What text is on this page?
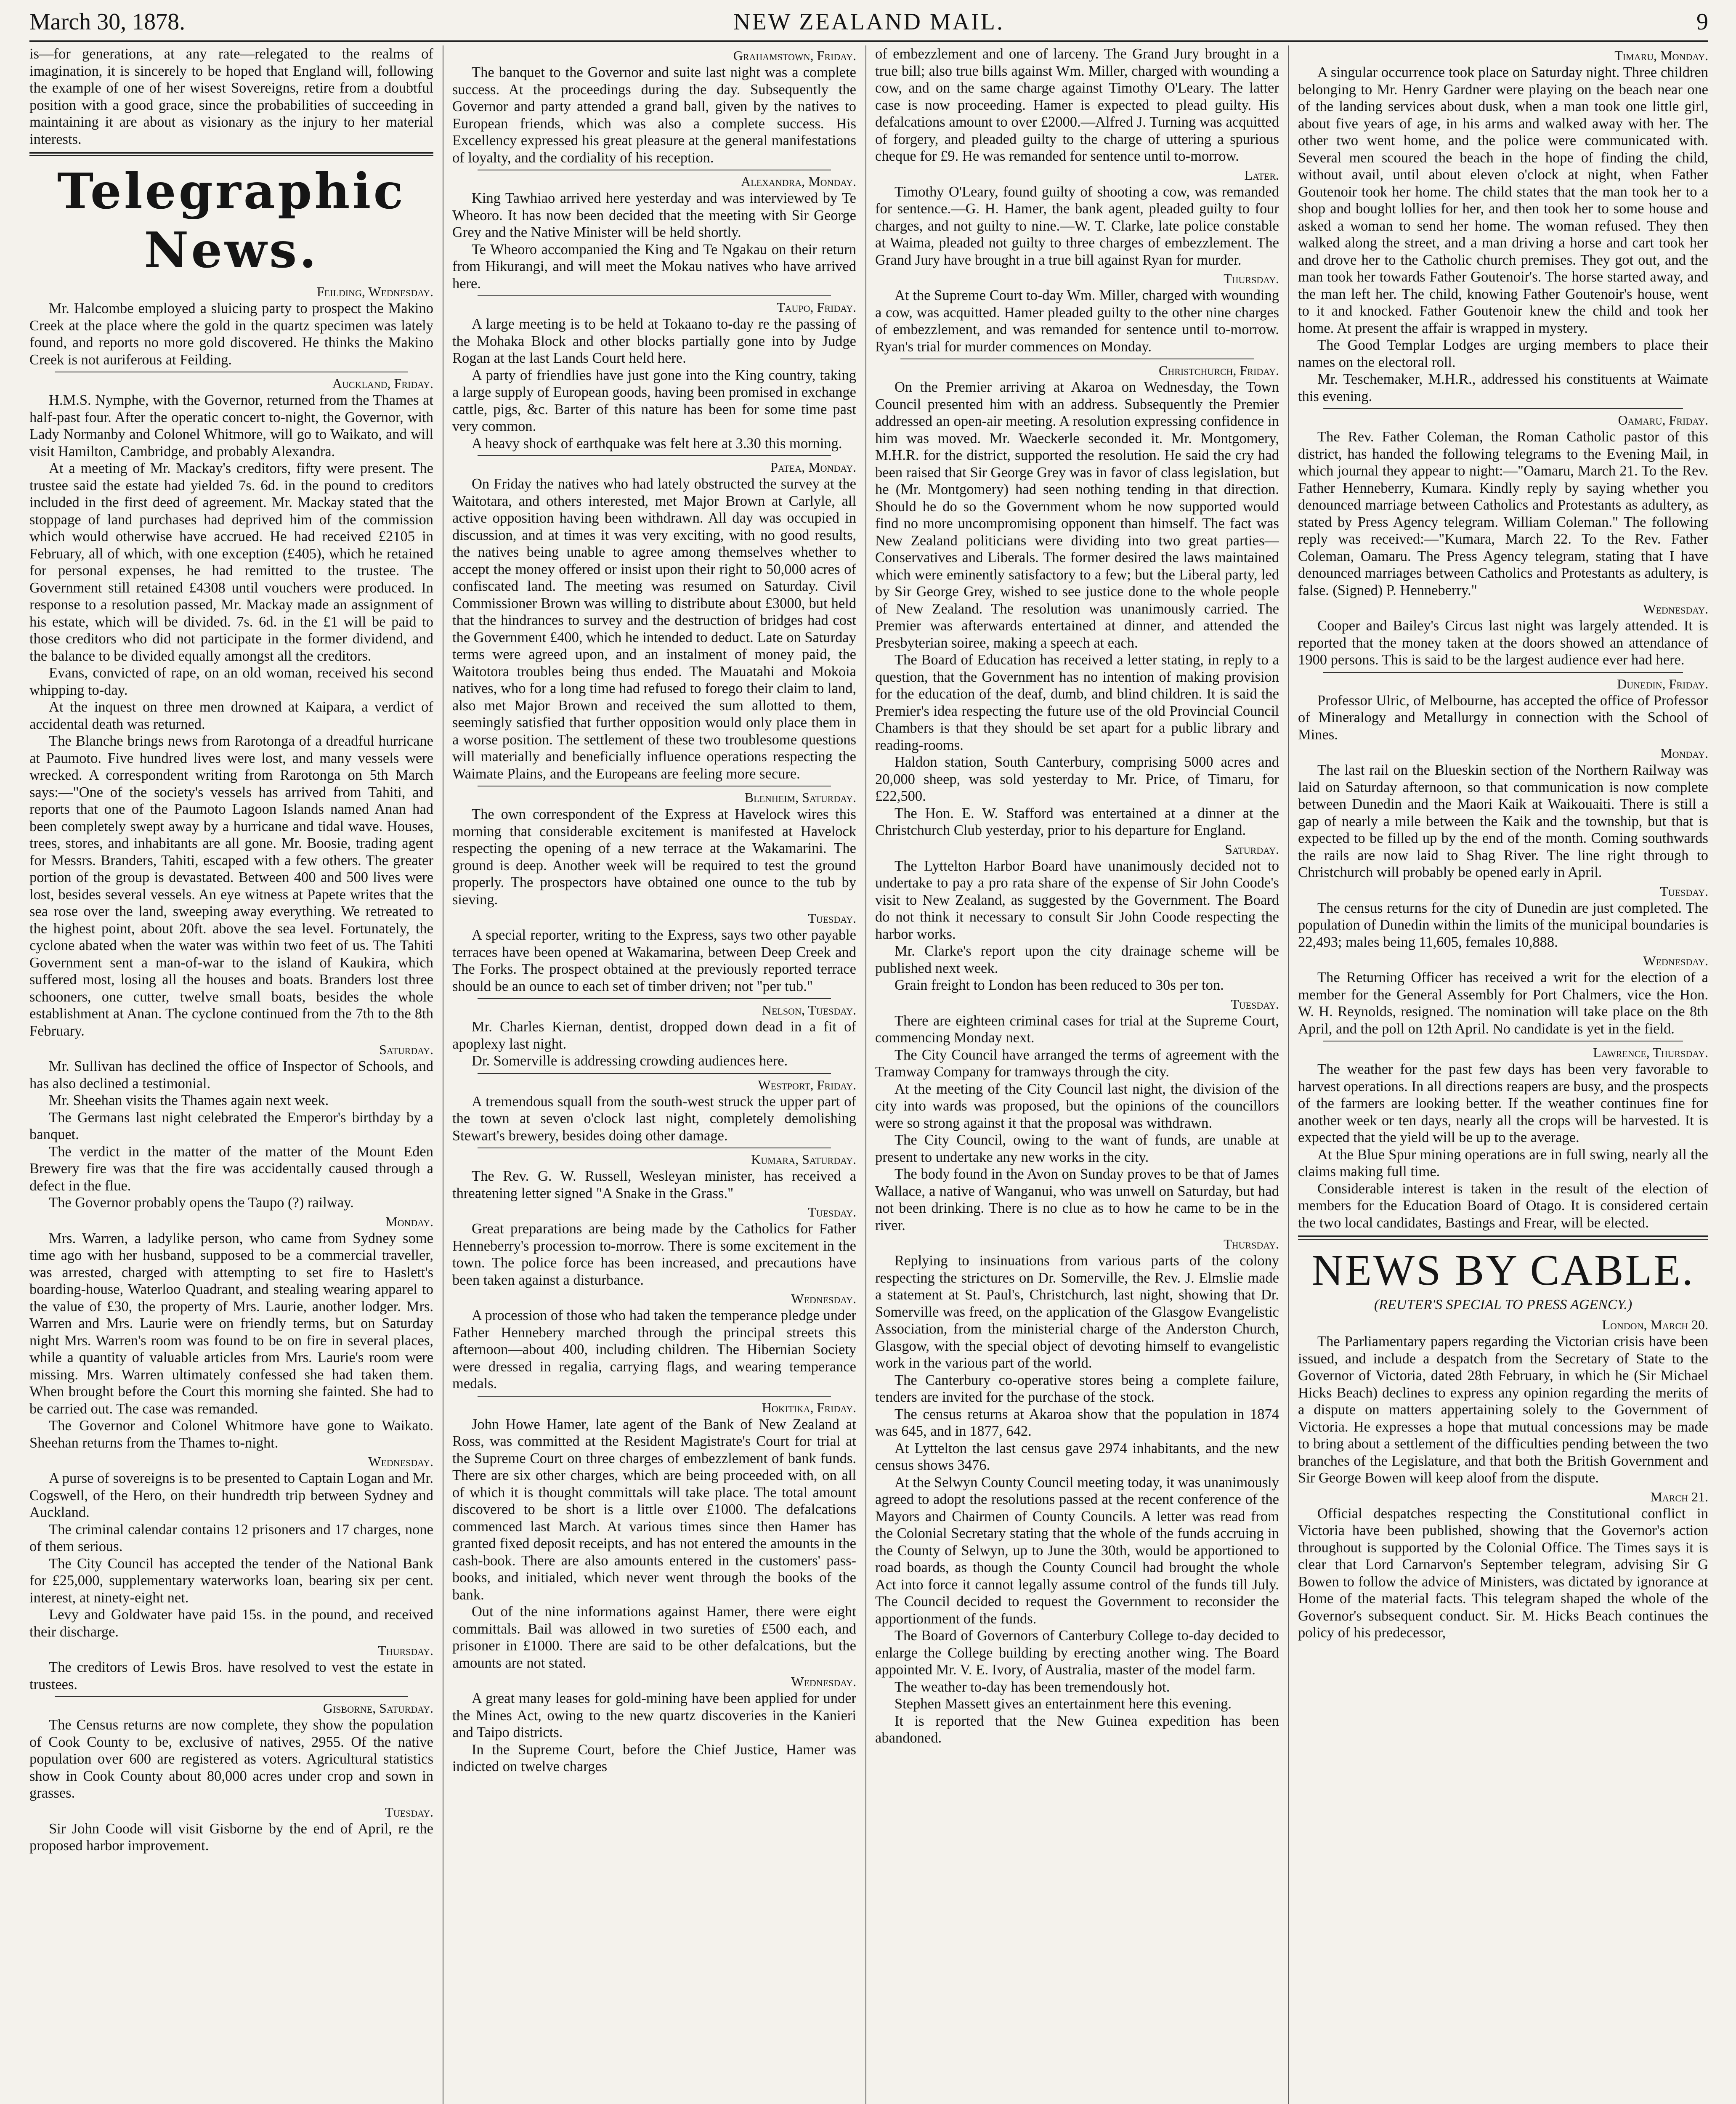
March 30, 1878.	NEW ZEALAND MAIL.	9
is—for generations, at any rate—relegated to the realms of imagination, it is sincerely to be hoped that England will, following the example of one of her wisest Sovereigns, retire from a doubtful position with a good grace, since the probabilities of succeeding in maintaining it are about as visionary as the injury to her material interests.
Telegraphic News.
Feilding, Wednesday.
Mr. Halcombe employed a sluicing party to prospect the Makino Creek at the place where the gold in the quartz specimen was lately found, and reports no more gold discovered. He thinks the Makino Creek is not auriferous at Feilding.
Auckland, Friday.
H.M.S. Nymphe, with the Governor, returned from the Thames at half-past four. After the operatic concert to-night, the Governor, with Lady Normanby and Colonel Whitmore, will go to Waikato, and will visit Hamilton, Cambridge, and probably Alexandra.
At a meeting of Mr. Mackay's creditors, fifty were present. The trustee said the estate had yielded 7s. 6d. in the pound to creditors included in the first deed of agreement. Mr. Mackay stated that the stoppage of land purchases had deprived him of the commission which would otherwise have accrued. He had received £2105 in February, all of which, with one exception (£405), which he retained for personal expenses, he had remitted to the trustee. The Government still retained £4308 until vouchers were produced. In response to a resolution passed, Mr. Mackay made an assignment of his estate, which will be divided. 7s. 6d. in the £1 will be paid to those creditors who did not participate in the former dividend, and the balance to be divided equally amongst all the creditors.
Evans, convicted of rape, on an old woman, received his second whipping to-day.
At the inquest on three men drowned at Kaipara, a verdict of accidental death was returned.
The Blanche brings news from Rarotonga of a dreadful hurricane at Paumoto. Five hundred lives were lost, and many vessels were wrecked. A correspondent writing from Rarotonga on 5th March says:—"One of the society's vessels has arrived from Tahiti, and reports that one of the Paumoto Lagoon Islands named Anan had been completely swept away by a hurricane and tidal wave. Houses, trees, stores, and inhabitants are all gone. Mr. Boosie, trading agent for Messrs. Branders, Tahiti, escaped with a few others. The greater portion of the group is devastated. Between 400 and 500 lives were lost, besides several vessels. An eye witness at Papete writes that the sea rose over the land, sweeping away everything. We retreated to the highest point, about 20ft. above the sea level. Fortunately, the cyclone abated when the water was within two feet of us. The Tahiti Government sent a man-of-war to the island of Kaukira, which suffered most, losing all the houses and boats. Branders lost three schooners, one cutter, twelve small boats, besides the whole establishment at Anan. The cyclone continued from the 7th to the 8th February.
Saturday.
Mr. Sullivan has declined the office of Inspector of Schools, and has also declined a testimonial.
Mr. Sheehan visits the Thames again next week.
The Germans last night celebrated the Emperor's birthday by a banquet.
The verdict in the matter of the matter of the Mount Eden Brewery fire was that the fire was accidentally caused through a defect in the flue.
The Governor probably opens the Taupo (?) railway.
Monday.
Mrs. Warren, a ladylike person, who came from Sydney some time ago with her husband, supposed to be a commercial traveller, was arrested, charged with attempting to set fire to Haslett's boarding-house, Waterloo Quadrant, and stealing wearing apparel to the value of £30, the property of Mrs. Laurie, another lodger. Mrs. Warren and Mrs. Laurie were on friendly terms, but on Saturday night Mrs. Warren's room was found to be on fire in several places, while a quantity of valuable articles from Mrs. Laurie's room were missing. Mrs. Warren ultimately confessed she had taken them. When brought before the Court this morning she fainted. She had to be carried out. The case was remanded.
The Governor and Colonel Whitmore have gone to Waikato. Sheehan returns from the Thames to-night.
Wednesday.
A purse of sovereigns is to be presented to Captain Logan and Mr. Cogswell, of the Hero, on their hundredth trip between Sydney and Auckland.
The criminal calendar contains 12 prisoners and 17 charges, none of them serious.
The City Council has accepted the tender of the National Bank for £25,000, supplementary waterworks loan, bearing six per cent. interest, at ninety-eight net.
Levy and Goldwater have paid 15s. in the pound, and received their discharge.
Thursday.
The creditors of Lewis Bros. have resolved to vest the estate in trustees.
Gisborne, Saturday.
The Census returns are now complete, they show the population of Cook County to be, exclusive of natives, 2955. Of the native population over 600 are registered as voters. Agricultural statistics show in Cook County about 80,000 acres under crop and sown in grasses.
Tuesday.
Sir John Coode will visit Gisborne by the end of April, re the proposed harbor improvement.
Grahamstown, Friday.
The banquet to the Governor and suite last night was a complete success. At the proceedings during the day. Subsequently the Governor and party attended a grand ball, given by the natives to European friends, which was also a complete success. His Excellency expressed his great pleasure at the general manifestations of loyalty, and the cordiality of his reception.
Alexandra, Monday.
King Tawhiao arrived here yesterday and was interviewed by Te Wheoro. It has now been decided that the meeting with Sir George Grey and the Native Minister will be held shortly.
Te Wheoro accompanied the King and Te Ngakau on their return from Hikurangi, and will meet the Mokau natives who have arrived here.
Taupo, Friday.
A large meeting is to be held at Tokaano to-day re the passing of the Mohaka Block and other blocks partially gone into by Judge Rogan at the last Lands Court held here.
A party of friendlies have just gone into the King country, taking a large supply of European goods, having been promised in exchange cattle, pigs, &c. Barter of this nature has been for some time past very common.
A heavy shock of earthquake was felt here at 3.30 this morning.
Patea, Monday.
On Friday the natives who had lately obstructed the survey at the Waitotara, and others interested, met Major Brown at Carlyle, all active opposition having been withdrawn. All day was occupied in discussion, and at times it was very exciting, with no good results, the natives being unable to agree among themselves whether to accept the money offered or insist upon their right to 50,000 acres of confiscated land. The meeting was resumed on Saturday. Civil Commissioner Brown was willing to distribute about £3000, but held that the hindrances to survey and the destruction of bridges had cost the Government £400, which he intended to deduct. Late on Saturday terms were agreed upon, and an instalment of money paid, the Waitotora troubles being thus ended. The Mauatahi and Mokoia natives, who for a long time had refused to forego their claim to land, also met Major Brown and received the sum allotted to them, seemingly satisfied that further opposition would only place them in a worse position. The settlement of these two troublesome questions will materially and beneficially influence operations respecting the Waimate Plains, and the Europeans are feeling more secure.
Blenheim, Saturday.
The own correspondent of the Express at Havelock wires this morning that considerable excitement is manifested at Havelock respecting the opening of a new terrace at the Wakamarini. The ground is deep. Another week will be required to test the ground properly. The prospectors have obtained one ounce to the tub by sieving.
Tuesday.
A special reporter, writing to the Express, says two other payable terraces have been opened at Wakamarina, between Deep Creek and The Forks. The prospect obtained at the previously reported terrace should be an ounce to each set of timber driven; not "per tub."
Nelson, Tuesday.
Mr. Charles Kiernan, dentist, dropped down dead in a fit of apoplexy last night.
Dr. Somerville is addressing crowding audiences here.
Westport, Friday.
A tremendous squall from the south-west struck the upper part of the town at seven o'clock last night, completely demolishing Stewart's brewery, besides doing other damage.
Kumara, Saturday.
The Rev. G. W. Russell, Wesleyan minister, has received a threatening letter signed "A Snake in the Grass."
Tuesday.
Great preparations are being made by the Catholics for Father Henneberry's procession to-morrow. There is some excitement in the town. The police force has been increased, and precautions have been taken against a disturbance.
Wednesday.
A procession of those who had taken the temperance pledge under Father Hennebery marched through the principal streets this afternoon—about 400, including children. The Hibernian Society were dressed in regalia, carrying flags, and wearing temperance medals.
Hokitika, Friday.
John Howe Hamer, late agent of the Bank of New Zealand at Ross, was committed at the Resident Magistrate's Court for trial at the Supreme Court on three charges of embezzlement of bank funds. There are six other charges, which are being proceeded with, on all of which it is thought committals will take place. The total amount discovered to be short is a little over £1000. The defalcations commenced last March. At various times since then Hamer has granted fixed deposit receipts, and has not entered the amounts in the cash-book. There are also amounts entered in the customers' pass-books, and initialed, which never went through the books of the bank.
Out of the nine informations against Hamer, there were eight committals. Bail was allowed in two sureties of £500 each, and prisoner in £1000. There are said to be other defalcations, but the amounts are not stated.
Wednesday.
A great many leases for gold-mining have been applied for under the Mines Act, owing to the new quartz discoveries in the Kanieri and Taipo districts.
In the Supreme Court, before the Chief Justice, Hamer was indicted on twelve charges
of embezzlement and one of larceny. The Grand Jury brought in a true bill; also true bills against Wm. Miller, charged with wounding a cow, and on the same charge against Timothy O'Leary. The latter case is now proceeding. Hamer is expected to plead guilty. His defalcations amount to over £2000.—Alfred J. Turning was acquitted of forgery, and pleaded guilty to the charge of uttering a spurious cheque for £9. He was remanded for sentence until to-morrow.
Later.
Timothy O'Leary, found guilty of shooting a cow, was remanded for sentence.—G. H. Hamer, the bank agent, pleaded guilty to four charges, and not guilty to nine.—W. T. Clarke, late police constable at Waima, pleaded not guilty to three charges of embezzlement. The Grand Jury have brought in a true bill against Ryan for murder.
Thursday.
At the Supreme Court to-day Wm. Miller, charged with wounding a cow, was acquitted. Hamer pleaded guilty to the other nine charges of embezzlement, and was remanded for sentence until to-morrow. Ryan's trial for murder commences on Monday.
Christchurch, Friday.
On the Premier arriving at Akaroa on Wednesday, the Town Council presented him with an address. Subsequently the Premier addressed an open-air meeting. A resolution expressing confidence in him was moved. Mr. Waeckerle seconded it. Mr. Montgomery, M.H.R. for the district, supported the resolution. He said the cry had been raised that Sir George Grey was in favor of class legislation, but he (Mr. Montgomery) had seen nothing tending in that direction. Should he do so the Government whom he now supported would find no more uncompromising opponent than himself. The fact was New Zealand politicians were dividing into two great parties—Conservatives and Liberals. The former desired the laws maintained which were eminently satisfactory to a few; but the Liberal party, led by Sir George Grey, wished to see justice done to the whole people of New Zealand. The resolution was unanimously carried. The Premier was afterwards entertained at dinner, and attended the Presbyterian soiree, making a speech at each.
The Board of Education has received a letter stating, in reply to a question, that the Government has no intention of making provision for the education of the deaf, dumb, and blind children. It is said the Premier's idea respecting the future use of the old Provincial Council Chambers is that they should be set apart for a public library and reading-rooms.
Haldon station, South Canterbury, comprising 5000 acres and 20,000 sheep, was sold yesterday to Mr. Price, of Timaru, for £22,500.
The Hon. E. W. Stafford was entertained at a dinner at the Christchurch Club yesterday, prior to his departure for England.
Saturday.
The Lyttelton Harbor Board have unanimously decided not to undertake to pay a pro rata share of the expense of Sir John Coode's visit to New Zealand, as suggested by the Government. The Board do not think it necessary to consult Sir John Coode respecting the harbor works.
Mr. Clarke's report upon the city drainage scheme will be published next week.
Grain freight to London has been reduced to 30s per ton.
Tuesday.
There are eighteen criminal cases for trial at the Supreme Court, commencing Monday next.
The City Council have arranged the terms of agreement with the Tramway Company for tramways through the city.
At the meeting of the City Council last night, the division of the city into wards was proposed, but the opinions of the councillors were so strong against it that the proposal was withdrawn.
The City Council, owing to the want of funds, are unable at present to undertake any new works in the city.
The body found in the Avon on Sunday proves to be that of James Wallace, a native of Wanganui, who was unwell on Saturday, but had not been drinking. There is no clue as to how he came to be in the river.
Thursday.
Replying to insinuations from various parts of the colony respecting the strictures on Dr. Somerville, the Rev. J. Elmslie made a statement at St. Paul's, Christchurch, last night, showing that Dr. Somerville was freed, on the application of the Glasgow Evangelistic Association, from the ministerial charge of the Anderston Church, Glasgow, with the special object of devoting himself to evangelistic work in the various part of the world.
The Canterbury co-operative stores being a complete failure, tenders are invited for the purchase of the stock.
The census returns at Akaroa show that the population in 1874 was 645, and in 1877, 642.
At Lyttelton the last census gave 2974 inhabitants, and the new census shows 3476.
At the Selwyn County Council meeting today, it was unanimously agreed to adopt the resolutions passed at the recent conference of the Mayors and Chairmen of County Councils. A letter was read from the Colonial Secretary stating that the whole of the funds accruing in the County of Selwyn, up to June the 30th, would be apportioned to road boards, as though the County Council had brought the whole Act into force it cannot legally assume control of the funds till July. The Council decided to request the Government to reconsider the apportionment of the funds.
The Board of Governors of Canterbury College to-day decided to enlarge the College building by erecting another wing. The Board appointed Mr. V. E. Ivory, of Australia, master of the model farm.
The weather to-day has been tremendously hot.
Stephen Massett gives an entertainment here this evening.
It is reported that the New Guinea expedition has been abandoned.
Timaru, Monday.
A singular occurrence took place on Saturday night. Three children belonging to Mr. Henry Gardner were playing on the beach near one of the landing services about dusk, when a man took one little girl, about five years of age, in his arms and walked away with her. The other two went home, and the police were communicated with. Several men scoured the beach in the hope of finding the child, without avail, until about eleven o'clock at night, when Father Goutenoir took her home. The child states that the man took her to a shop and bought lollies for her, and then took her to some house and asked a woman to send her home. The woman refused. They then walked along the street, and a man driving a horse and cart took her and drove her to the Catholic church premises. They got out, and the man took her towards Father Goutenoir's. The horse started away, and the man left her. The child, knowing Father Goutenoir's house, went to it and knocked. Father Goutenoir knew the child and took her home. At present the affair is wrapped in mystery.
The Good Templar Lodges are urging members to place their names on the electoral roll.
Mr. Teschemaker, M.H.R., addressed his constituents at Waimate this evening.
Oamaru, Friday.
The Rev. Father Coleman, the Roman Catholic pastor of this district, has handed the following telegrams to the Evening Mail, in which journal they appear to night:—"Oamaru, March 21. To the Rev. Father Henneberry, Kumara. Kindly reply by saying whether you denounced marriage between Catholics and Protestants as adultery, as stated by Press Agency telegram. William Coleman." The following reply was received:—"Kumara, March 22. To the Rev. Father Coleman, Oamaru. The Press Agency telegram, stating that I have denounced marriages between Catholics and Protestants as adultery, is false. (Signed) P. Henneberry."
Wednesday.
Cooper and Bailey's Circus last night was largely attended. It is reported that the money taken at the doors showed an attendance of 1900 persons. This is said to be the largest audience ever had here.
Dunedin, Friday.
Professor Ulric, of Melbourne, has accepted the office of Professor of Mineralogy and Metallurgy in connection with the School of Mines.
Monday.
The last rail on the Blueskin section of the Northern Railway was laid on Saturday afternoon, so that communication is now complete between Dunedin and the Maori Kaik at Waikouaiti. There is still a gap of nearly a mile between the Kaik and the township, but that is expected to be filled up by the end of the month. Coming southwards the rails are now laid to Shag River. The line right through to Christchurch will probably be opened early in April.
Tuesday.
The census returns for the city of Dunedin are just completed. The population of Dunedin within the limits of the municipal boundaries is 22,493; males being 11,605, females 10,888.
Wednesday.
The Returning Officer has received a writ for the election of a member for the General Assembly for Port Chalmers, vice the Hon. W. H. Reynolds, resigned. The nomination will take place on the 8th April, and the poll on 12th April. No candidate is yet in the field.
Lawrence, Thursday.
The weather for the past few days has been very favorable to harvest operations. In all directions reapers are busy, and the prospects of the farmers are looking better. If the weather continues fine for another week or ten days, nearly all the crops will be harvested. It is expected that the yield will be up to the average.
At the Blue Spur mining operations are in full swing, nearly all the claims making full time.
Considerable interest is taken in the result of the election of members for the Education Board of Otago. It is considered certain the two local candidates, Bastings and Frear, will be elected.
NEWS BY CABLE.
(REUTER'S SPECIAL TO PRESS AGENCY.)
London, March 20.
The Parliamentary papers regarding the Victorian crisis have been issued, and include a despatch from the Secretary of State to the Governor of Victoria, dated 28th February, in which he (Sir Michael Hicks Beach) declines to express any opinion regarding the merits of a dispute on matters appertaining solely to the Government of Victoria. He expresses a hope that mutual concessions may be made to bring about a settlement of the difficulties pending between the two branches of the Legislature, and that both the British Government and Sir George Bowen will keep aloof from the dispute.
March 21.
Official despatches respecting the Constitutional conflict in Victoria have been published, showing that the Governor's action throughout is supported by the Colonial Office. The Times says it is clear that Lord Carnarvon's September telegram, advising Sir G Bowen to follow the advice of Ministers, was dictated by ignorance at Home of the material facts. This telegram shaped the whole of the Governor's subsequent conduct. Sir. M. Hicks Beach continues the policy of his predecessor,
